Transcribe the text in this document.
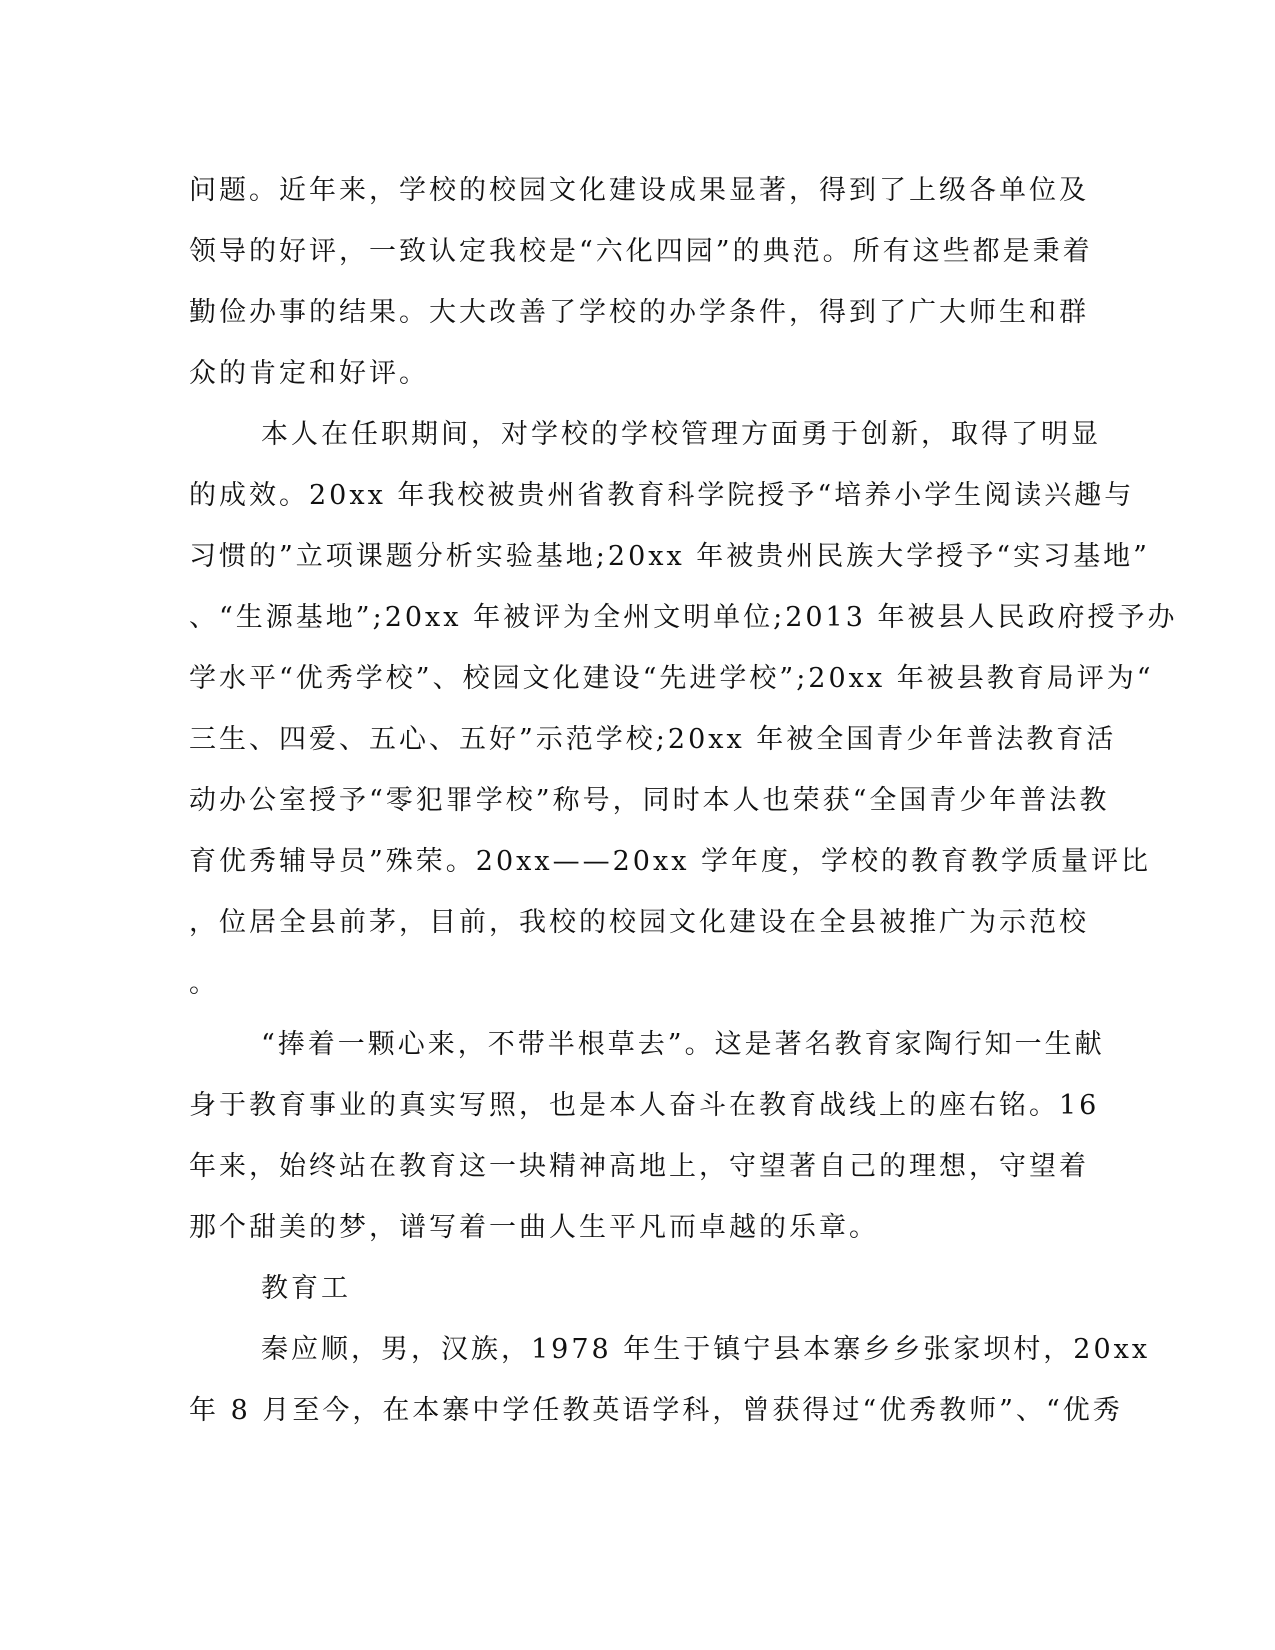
问题。近年来，学校的校园文化建设成果显著，得到了上级各单位及
领导的好评，一致认定我校是“六化四园”的典范。所有这些都是秉着
勤俭办事的结果。大大改善了学校的办学条件，得到了广大师生和群
众的肯定和好评。
本人在任职期间，对学校的学校管理方面勇于创新，取得了明显
的成效。20xx 年我校被贵州省教育科学院授予“培养小学生阅读兴趣与
习惯的”立项课题分析实验基地;20xx 年被贵州民族大学授予“实习基地”
、“生源基地”;20xx 年被评为全州文明单位;2013 年被县人民政府授予办
学水平“优秀学校”、校园文化建设“先进学校”;20xx 年被县教育局评为“
三生、四爱、五心、五好”示范学校;20xx 年被全国青少年普法教育活
动办公室授予“零犯罪学校”称号，同时本人也荣获“全国青少年普法教
育优秀辅导员”殊荣。20xx——20xx 学年度，学校的教育教学质量评比
，位居全县前茅，目前，我校的校园文化建设在全县被推广为示范校
。
“捧着一颗心来，不带半根草去”。这是著名教育家陶行知一生献
身于教育事业的真实写照，也是本人奋斗在教育战线上的座右铭。16
年来，始终站在教育这一块精神高地上，守望著自己的理想，守望着
那个甜美的梦，谱写着一曲人生平凡而卓越的乐章。
教育工
秦应顺，男，汉族，1978 年生于镇宁县本寨乡乡张家坝村，20xx
年 8 月至今，在本寨中学任教英语学科，曾获得过“优秀教师”、“优秀
